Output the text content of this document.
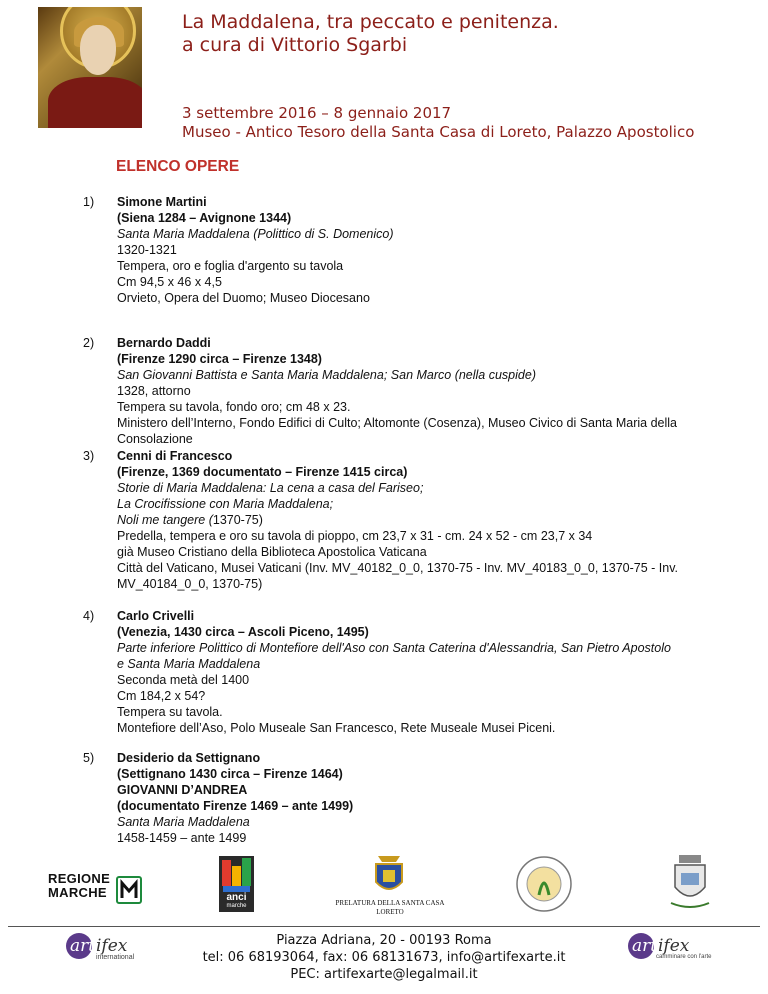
La Maddalena, tra peccato e penitenza.
a cura di Vittorio Sgarbi
3 settembre 2016 – 8 gennaio 2017
Museo - Antico Tesoro della Santa Casa di Loreto, Palazzo Apostolico
ELENCO OPERE
1) Simone Martini
(Siena 1284 – Avignone 1344)
Santa Maria Maddalena (Polittico di S. Domenico)
1320-1321
Tempera, oro e foglia d'argento su tavola
Cm 94,5 x 46 x 4,5
Orvieto, Opera del Duomo; Museo Diocesano
2) Bernardo Daddi
(Firenze 1290 circa – Firenze 1348)
San Giovanni Battista e Santa Maria Maddalena; San Marco (nella cuspide)
1328, attorno
Tempera su tavola, fondo oro; cm 48 x 23.
Ministero dell’Interno, Fondo Edifici di Culto; Altomonte (Cosenza), Museo Civico di Santa Maria della
Consolazione
3) Cenni di Francesco
(Firenze, 1369 documentato – Firenze 1415 circa)
Storie di Maria Maddalena: La cena a casa del Fariseo;
La Crocifissione con Maria Maddalena;
Noli me tangere (1370-75)
Predella, tempera e oro su tavola di pioppo, cm 23,7 x 31 - cm. 24 x 52 - cm 23,7 x 34
già Museo Cristiano della Biblioteca Apostolica Vaticana
Città del Vaticano, Musei Vaticani (Inv. MV_40182_0_0, 1370-75 - Inv. MV_40183_0_0, 1370-75 - Inv.
MV_40184_0_0, 1370-75)
4) Carlo Crivelli
(Venezia, 1430 circa – Ascoli Piceno, 1495)
Parte inferiore Polittico di Montefiore dell'Aso con Santa Caterina d'Alessandria, San Pietro Apostolo
e Santa Maria Maddalena
Seconda metà del 1400
Cm 184,2 x 54?
Tempera su tavola.
Montefiore dell’Aso, Polo Museale San Francesco, Rete Museale Musei Piceni.
5) Desiderio da Settignano
(Settignano 1430 circa – Firenze 1464)
GIOVANNI D’ANDREA
(documentato Firenze 1469 – ante 1499)
Santa Maria Maddalena
1458-1459 – ante 1499
REGIONE
MARCHE	anci
marche	PRELATURA DELLA SANTA CASA
LORETO
art ifex
international
art ifex
camminare con l'arte
Piazza Adriana, 20 - 00193 Roma
tel: 06 68193064, fax: 06 68131673, info@artifexarte.it
PEC: artifexarte@legalmail.it
